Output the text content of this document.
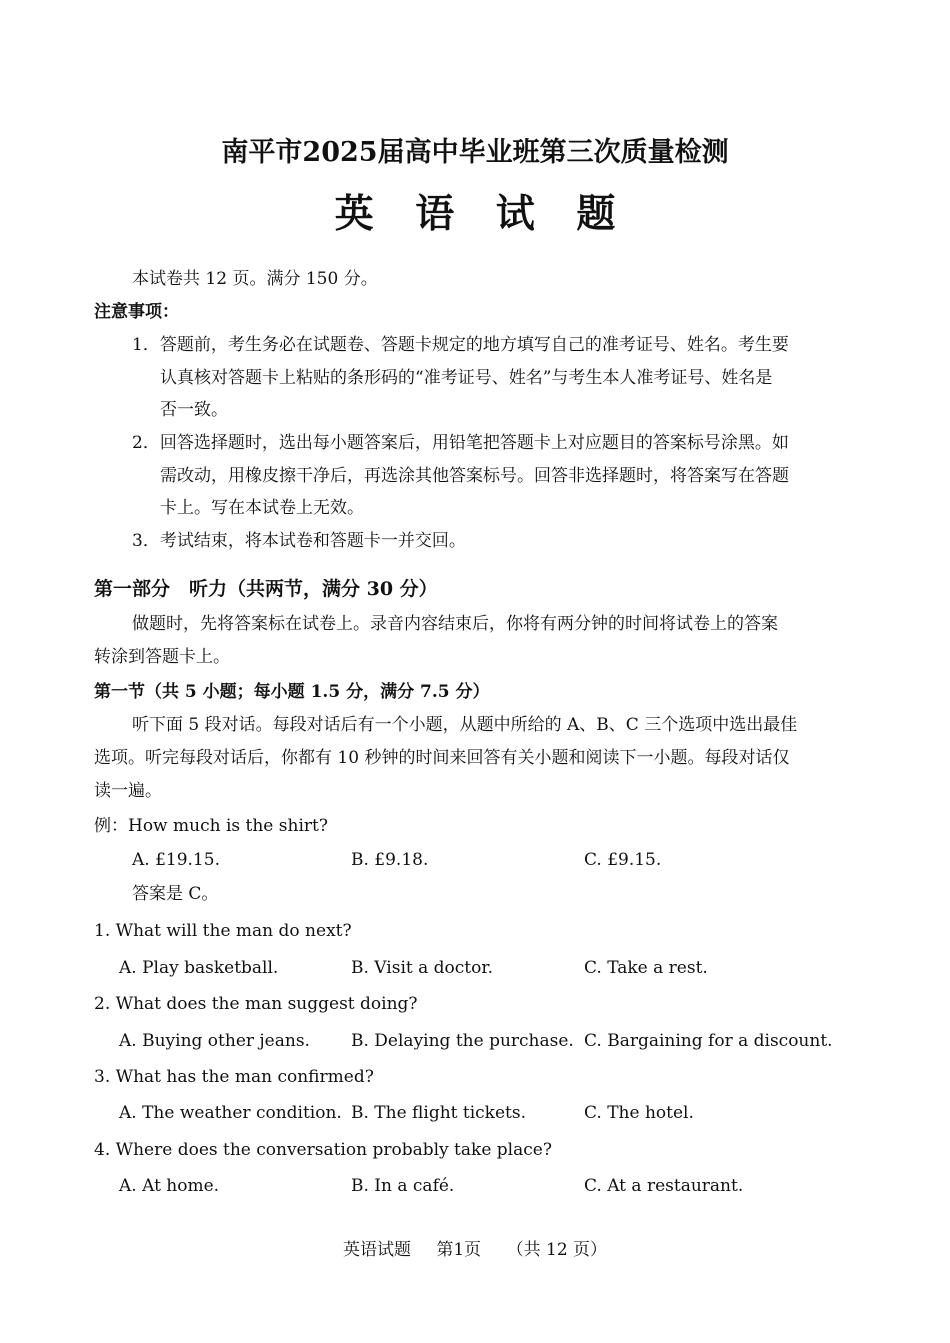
南平市2025届高中毕业班第三次质量检测
英 语 试 题
本试卷共 12 页。满分 150 分。
注意事项：
1．答题前，考生务必在试题卷、答题卡规定的地方填写自己的准考证号、姓名。考生要
认真核对答题卡上粘贴的条形码的“准考证号、姓名”与考生本人准考证号、姓名是
否一致。
2．回答选择题时，选出每小题答案后，用铅笔把答题卡上对应题目的答案标号涂黑。如
需改动，用橡皮擦干净后，再选涂其他答案标号。回答非选择题时，将答案写在答题
卡上。写在本试卷上无效。
3．考试结束，将本试卷和答题卡一并交回。
第一部分　听力（共两节，满分 30 分）
做题时，先将答案标在试卷上。录音内容结束后，你将有两分钟的时间将试卷上的答案
转涂到答题卡上。
第一节（共 5 小题；每小题 1.5 分，满分 7.5 分）
听下面 5 段对话。每段对话后有一个小题，从题中所给的 A、B、C 三个选项中选出最佳
选项。听完每段对话后，你都有 10 秒钟的时间来回答有关小题和阅读下一小题。每段对话仅
读一遍。
例：How much is the shirt?
A. £19.15.	B. £9.18.	C. £9.15.
答案是 C。
1. What will the man do next?
A. Play basketball.	B. Visit a doctor.	C. Take a rest.
2. What does the man suggest doing?
A. Buying other jeans. B. Delaying the purchase. C. Bargaining for a discount.
3. What has the man confirmed?
A. The weather condition. B. The flight tickets.	C. The hotel.
4. Where does the conversation probably take place?
A. At home.	B. In a café.	C. At a restaurant.
英语试题 第1页 （共 12 页）
